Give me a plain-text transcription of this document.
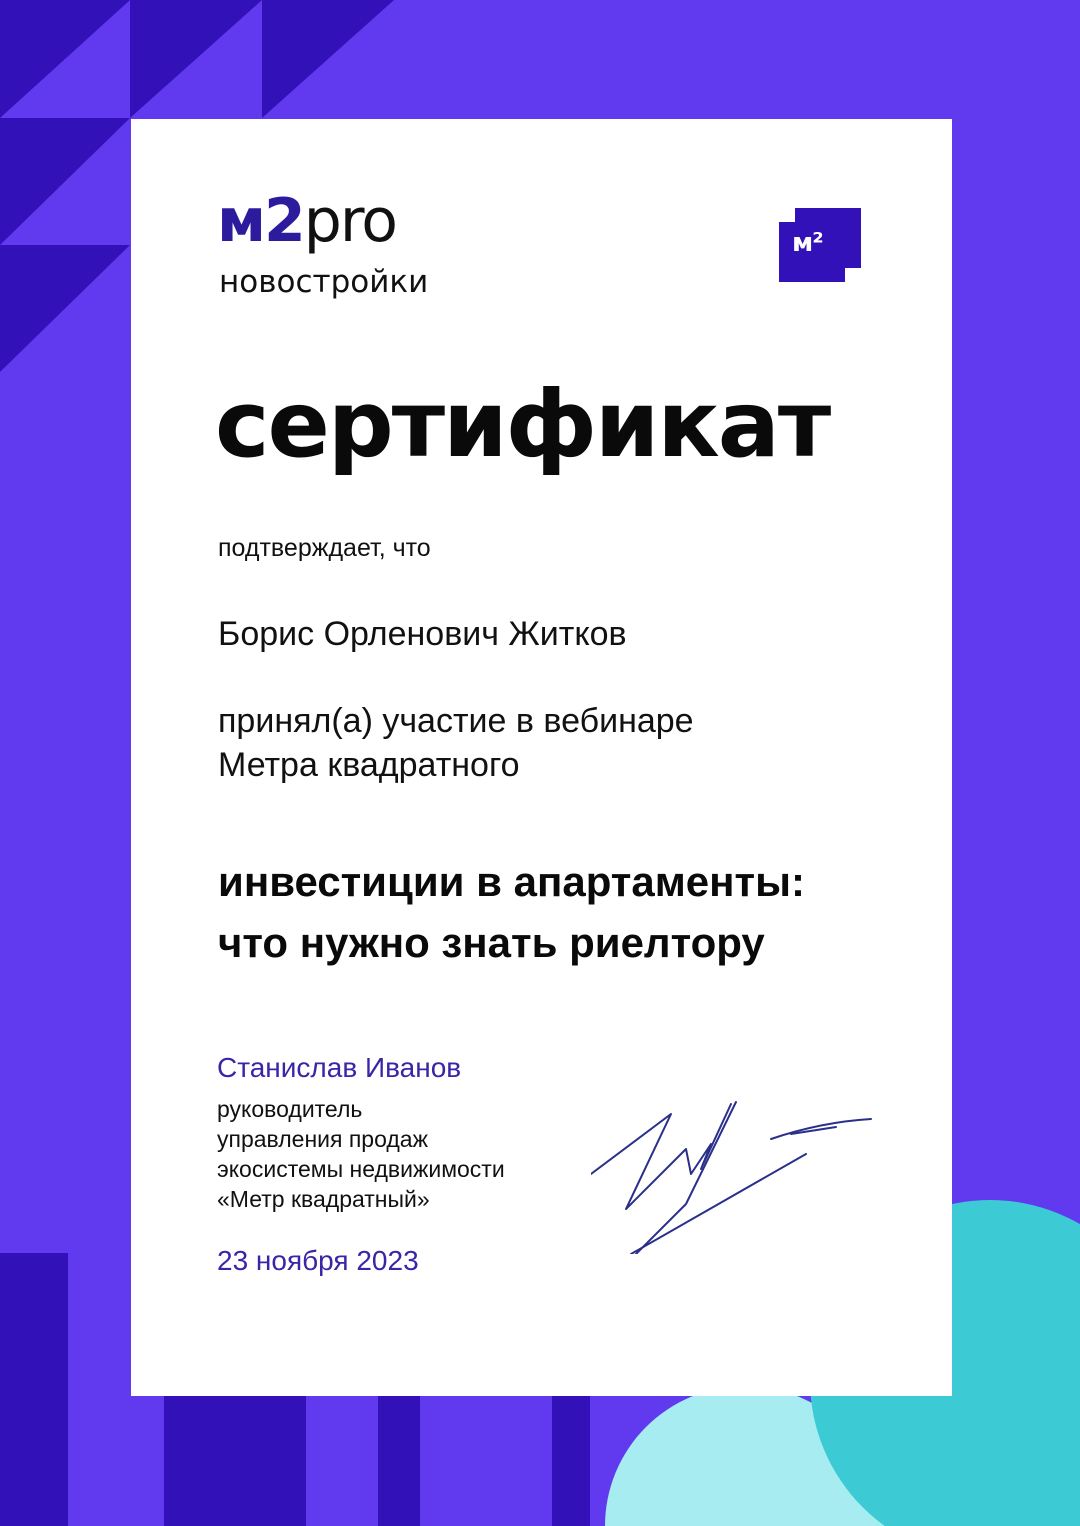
м2pro
новостройки
м²
сертификат
подтверждает, что
Борис Орленович Житков
принял(а) участие в вебинаре
Метра квадратного
инвестиции в апартаменты:
что нужно знать риелтору
Станислав Иванов
руководитель
управления продаж
экосистемы недвижимости
«Метр квадратный»
23 ноября 2023
